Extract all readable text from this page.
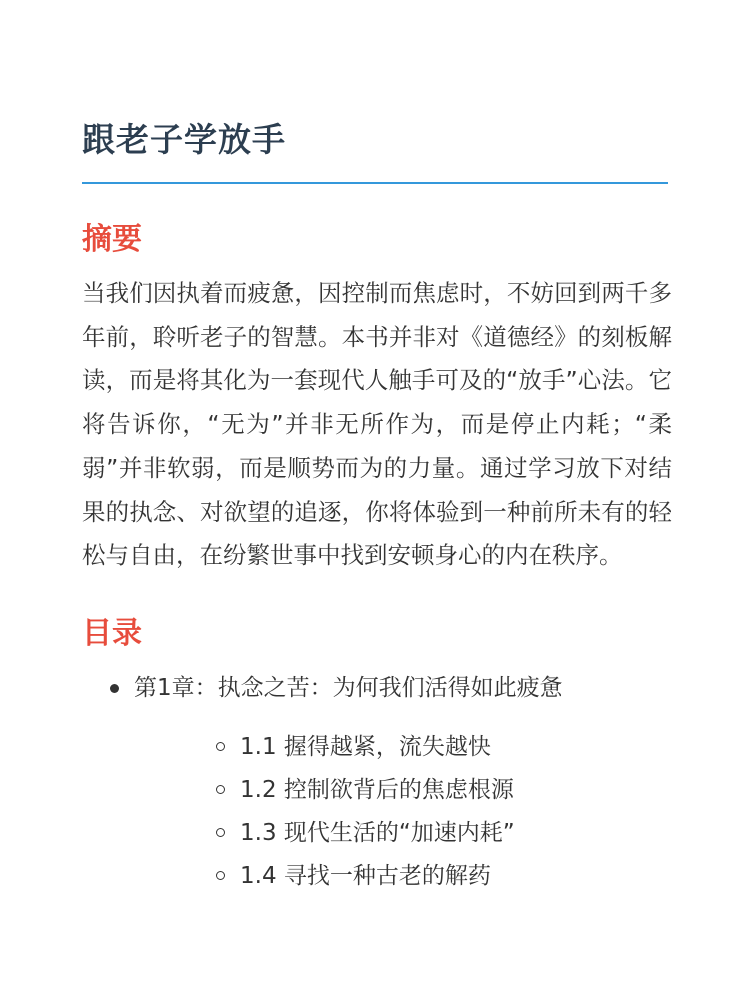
跟老子学放手
摘要

当我们因执着而疲惫，因控制而焦虑时，不妨回到两千多年前，聆听老子的智慧。本书并非对《道德经》的刻板解读，而是将其化为一套现代人触手可及的“放手”心法。它将告诉你，“无为”并非无所作为，而是停止内耗；“柔弱”并非软弱，而是顺势而为的力量。通过学习放下对结果的执念、对欲望的追逐，你将体验到一种前所未有的轻松与自由，在纷繁世事中找到安顿身心的内在秩序。

目录
第1章：执念之苦：为何我们活得如此疲惫
1.1 握得越紧，流失越快
1.2 控制欲背后的焦虑根源
1.3 现代生活的“加速内耗”
1.4 寻找一种古老的解药
